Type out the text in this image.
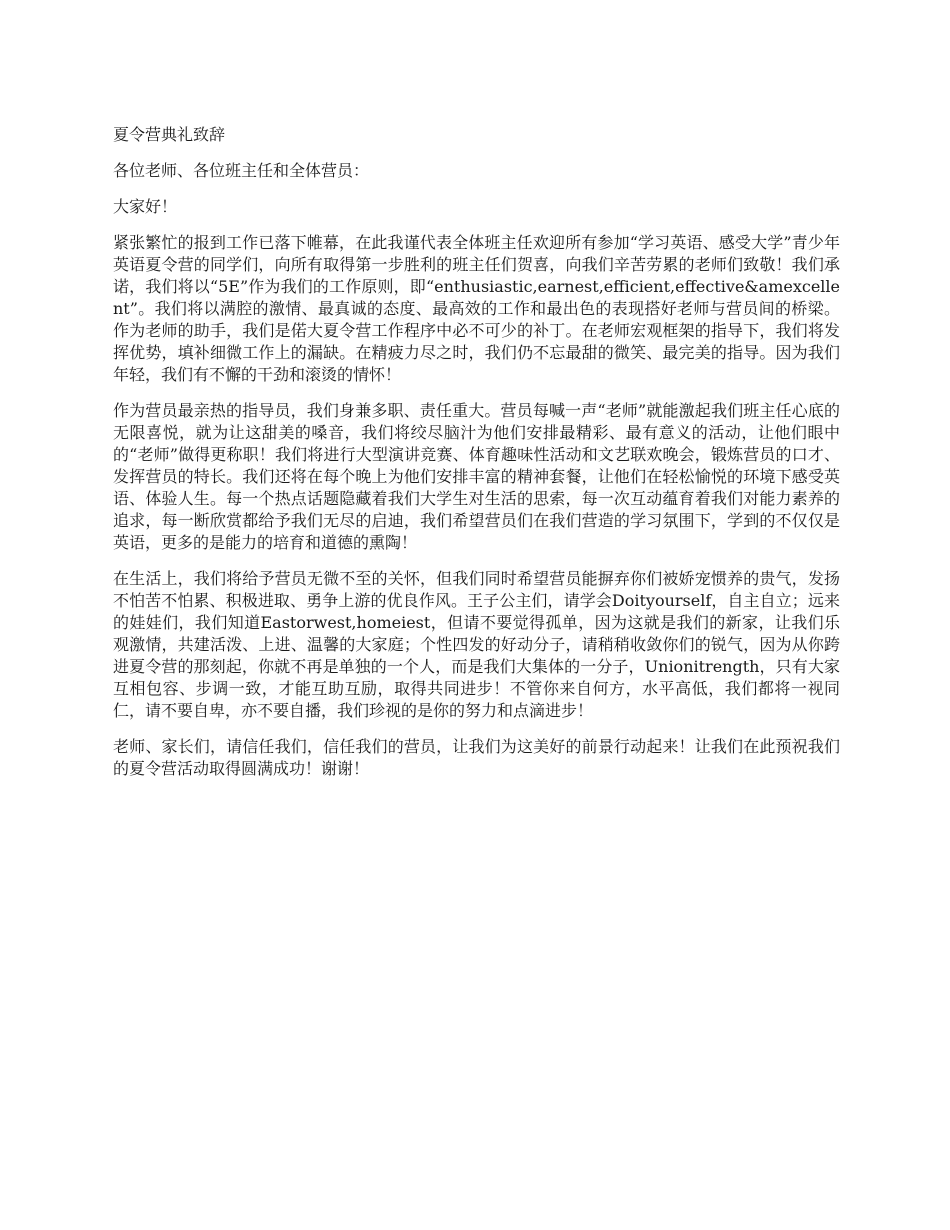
夏令营典礼致辞

各位老师、各位班主任和全体营员：

大家好！

紧张繁忙的报到工作已落下帷幕，在此我谨代表全体班主任欢迎所有参加“学习英语、感受大学”青少年英语夏令营的同学们，向所有取得第一步胜利的班主任们贺喜，向我们辛苦劳累的老师们致敬！我们承诺，我们将以“5E”作为我们的工作原则，即“enthusiastic,earnest,efficient,effective&amexcellent”。我们将以满腔的激情、最真诚的态度、最高效的工作和最出色的表现搭好老师与营员间的桥梁。作为老师的助手，我们是偌大夏令营工作程序中必不可少的补丁。在老师宏观框架的指导下，我们将发挥优势，填补细微工作上的漏缺。在精疲力尽之时，我们仍不忘最甜的微笑、最完美的指导。因为我们年轻，我们有不懈的干劲和滚烫的情怀！

作为营员最亲热的指导员，我们身兼多职、责任重大。营员每喊一声“老师”就能激起我们班主任心底的无限喜悦，就为让这甜美的嗓音，我们将绞尽脑汁为他们安排最精彩、最有意义的活动，让他们眼中的“老师”做得更称职！我们将进行大型演讲竞赛、体育趣味性活动和文艺联欢晚会，锻炼营员的口才、发挥营员的特长。我们还将在每个晚上为他们安排丰富的精神套餐，让他们在轻松愉悦的环境下感受英语、体验人生。每一个热点话题隐藏着我们大学生对生活的思索，每一次互动蕴育着我们对能力素养的追求，每一断欣赏都给予我们无尽的启迪，我们希望营员们在我们营造的学习氛围下，学到的不仅仅是英语，更多的是能力的培育和道德的熏陶！

在生活上，我们将给予营员无微不至的关怀，但我们同时希望营员能摒弃你们被娇宠惯养的贵气，发扬不怕苦不怕累、积极进取、勇争上游的优良作风。王子公主们，请学会Doityourself，自主自立；远来的娃娃们，我们知道Eastorwest,homeiest，但请不要觉得孤单，因为这就是我们的新家，让我们乐观激情，共建活泼、上进、温馨的大家庭；个性四发的好动分子，请稍稍收敛你们的锐气，因为从你跨进夏令营的那刻起，你就不再是单独的一个人，而是我们大集体的一分子，Unionitrength，只有大家互相包容、步调一致，才能互助互励，取得共同进步！不管你来自何方，水平高低，我们都将一视同仁，请不要自卑，亦不要自播，我们珍视的是你的努力和点滴进步！

老师、家长们，请信任我们，信任我们的营员，让我们为这美好的前景行动起来！让我们在此预祝我们的夏令营活动取得圆满成功！谢谢！
